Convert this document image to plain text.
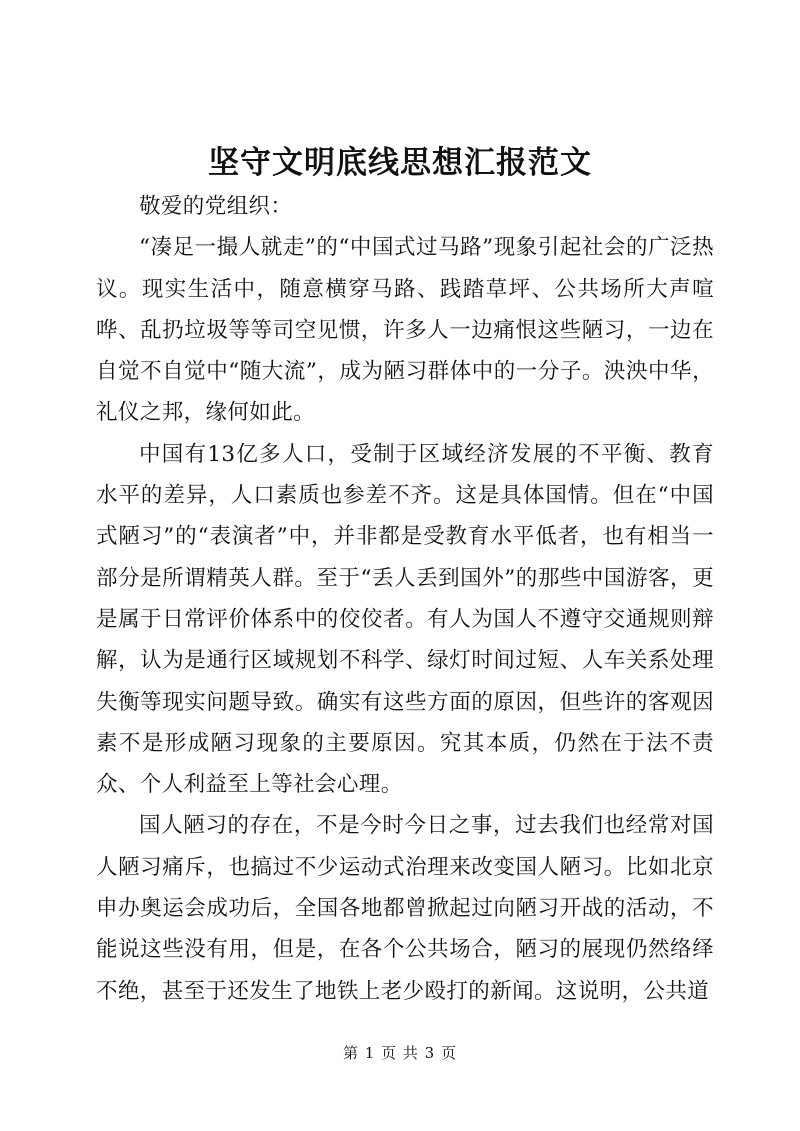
坚守文明底线思想汇报范文

敬爱的党组织：

“凑足一撮人就走”的“中国式过马路”现象引起社会的广泛热议。现实生活中，随意横穿马路、践踏草坪、公共场所大声喧哗、乱扔垃圾等等司空见惯，许多人一边痛恨这些陋习，一边在自觉不自觉中“随大流”，成为陋习群体中的一分子。泱泱中华，礼仪之邦，缘何如此。

中国有13亿多人口，受制于区域经济发展的不平衡、教育水平的差异，人口素质也参差不齐。这是具体国情。但在“中国式陋习”的“表演者”中，并非都是受教育水平低者，也有相当一部分是所谓精英人群。至于“丢人丢到国外”的那些中国游客，更是属于日常评价体系中的佼佼者。有人为国人不遵守交通规则辩解，认为是通行区域规划不科学、绿灯时间过短、人车关系处理失衡等现实问题导致。确实有这些方面的原因，但些许的客观因素不是形成陋习现象的主要原因。究其本质，仍然在于法不责众、个人利益至上等社会心理。

国人陋习的存在，不是今时今日之事，过去我们也经常对国人陋习痛斥，也搞过不少运动式治理来改变国人陋习。比如北京申办奥运会成功后，全国各地都曾掀起过向陋习开战的活动，不能说这些没有用，但是，在各个公共场合，陋习的展现仍然络绎不绝，甚至于还发生了地铁上老少殴打的新闻。这说明，公共道

第 1 页 共 3 页
